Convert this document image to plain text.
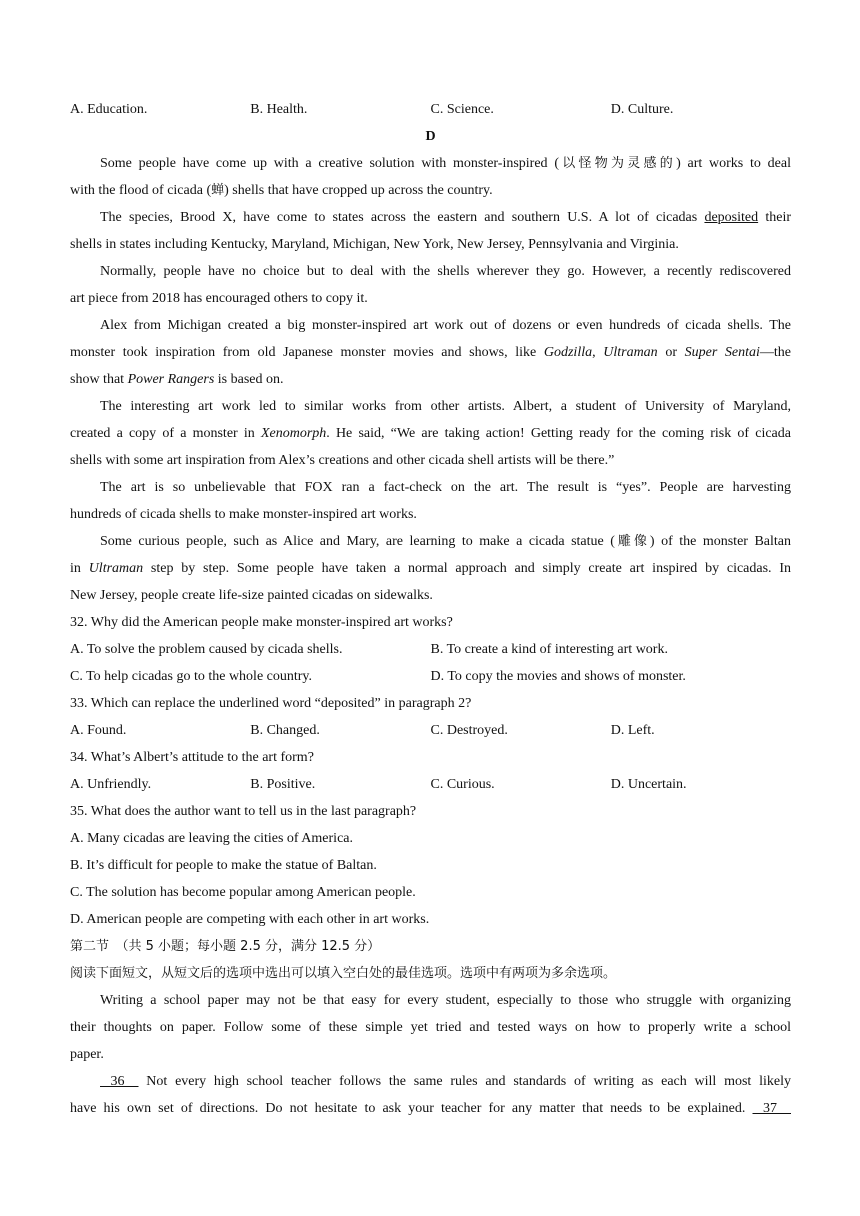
A. Education.	B. Health.	C. Science.	D. Culture.
D
Some people have come up with a creative solution with monster-inspired (以怪物为灵感的) art works to deal
with the flood of cicada (蝉) shells that have cropped up across the country.
The species, Brood X, have come to states across the eastern and southern U.S. A lot of cicadas deposited their
shells in states including Kentucky, Maryland, Michigan, New York, New Jersey, Pennsylvania and Virginia.
Normally, people have no choice but to deal with the shells wherever they go. However, a recently rediscovered
art piece from 2018 has encouraged others to copy it.
Alex from Michigan created a big monster-inspired art work out of dozens or even hundreds of cicada shells. The
monster took inspiration from old Japanese monster movies and shows, like Godzilla, Ultraman or Super Sentai—the
show that Power Rangers is based on.
The interesting art work led to similar works from other artists. Albert, a student of University of Maryland,
created a copy of a monster in Xenomorph. He said, “We are taking action! Getting ready for the coming risk of cicada
shells with some art inspiration from Alex’s creations and other cicada shell artists will be there.”
The art is so unbelievable that FOX ran a fact-check on the art. The result is “yes”. People are harvesting
hundreds of cicada shells to make monster-inspired art works.
Some curious people, such as Alice and Mary, are learning to make a cicada statue (雕像) of the monster Baltan
in Ultraman step by step. Some people have taken a normal approach and simply create art inspired by cicadas. In
New Jersey, people create life-size painted cicadas on sidewalks.
32. Why did the American people make monster-inspired art works?
A. To solve the problem caused by cicada shells.	B. To create a kind of interesting art work.
C. To help cicadas go to the whole country.	D. To copy the movies and shows of monster.
33. Which can replace the underlined word “deposited” in paragraph 2?
A. Found.	B. Changed.	C. Destroyed.	D. Left.
34. What’s Albert’s attitude to the art form?
A. Unfriendly.	B. Positive.	C. Curious.	D. Uncertain.
35. What does the author want to tell us in the last paragraph?
A. Many cicadas are leaving the cities of America.
B. It’s difficult for people to make the statue of Baltan.
C. The solution has become popular among American people.
D. American people are competing with each other in art works.
第二节　（共 5 小题；每小题 2.5 分，满分 12.5 分）
阅读下面短文，从短文后的选项中选出可以填入空白处的最佳选项。选项中有两项为多余选项。
Writing a school paper may not be that easy for every student, especially to those who struggle with organizing
their thoughts on paper. Follow some of these simple yet tried and tested ways on how to properly write a school
paper.
36     Not every high school teacher follows the same rules and standards of writing as each will most likely
have his own set of directions. Do not hesitate to ask your teacher for any matter that needs to be explained.    37
